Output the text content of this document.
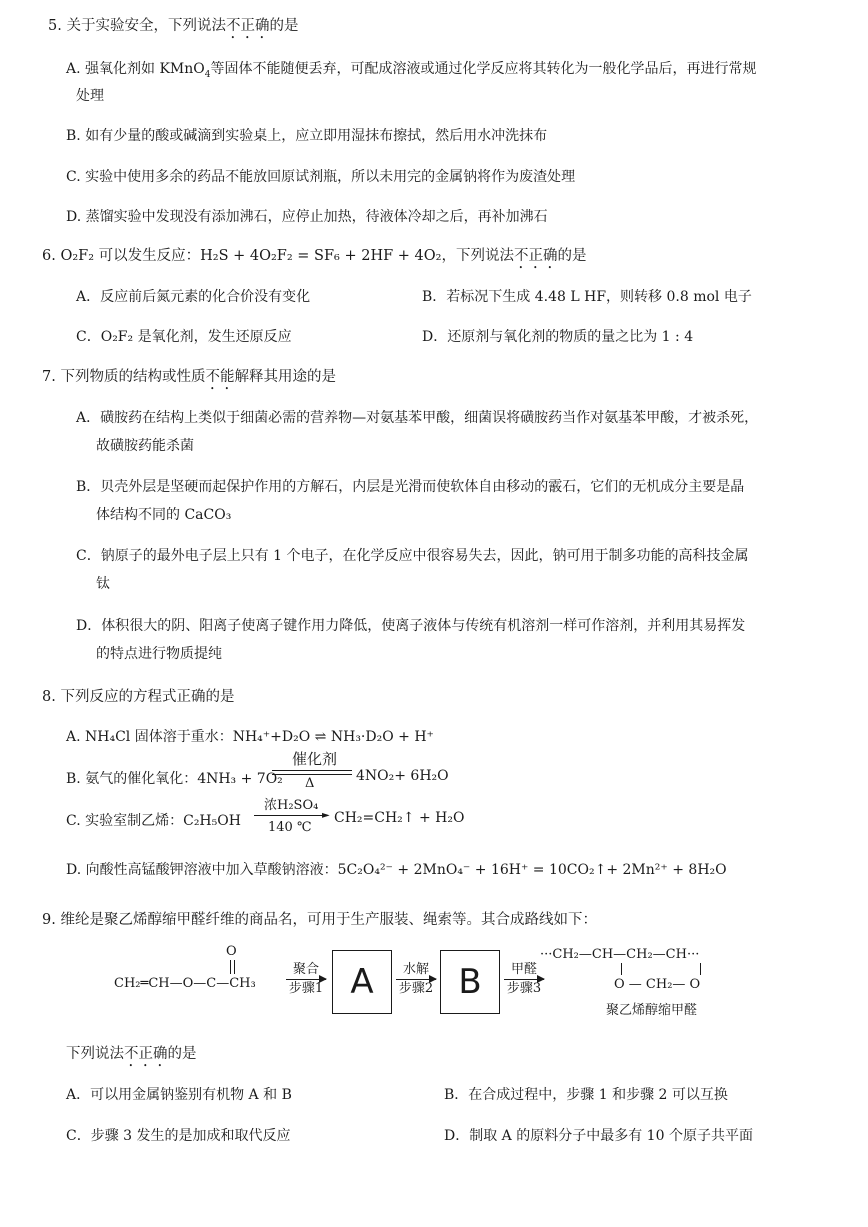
5. 关于实验安全，下列说法不正确的是
A. 强氧化剂如 KMnO$_4$等固体不能随便丢弃，可配成溶液或通过化学反应将其转化为一般化学品后，再进行常规
处理
B. 如有少量的酸或碱滴到实验桌上，应立即用湿抹布擦拭，然后用水冲洗抹布
C. 实验中使用多余的药品不能放回原试剂瓶，所以未用完的金属钠将作为废渣处理
D. 蒸馏实验中发现没有添加沸石，应停止加热，待液体冷却之后，再补加沸石
6. O₂F₂ 可以发生反应：H₂S + 4O₂F₂ = SF₆ + 2HF + 4O₂，下列说法不正确的是
A．反应前后氮元素的化合价没有变化	B．若标况下生成 4.48 L HF，则转移 0.8 mol 电子
C．O₂F₂ 是氧化剂，发生还原反应	D．还原剂与氧化剂的物质的量之比为 1 : 4
7. 下列物质的结构或性质不能解释其用途的是
A．磺胺药在结构上类似于细菌必需的营养物—对氨基苯甲酸，细菌误将磺胺药当作对氨基苯甲酸，才被杀死，
故磺胺药能杀菌
B．贝壳外层是坚硬而起保护作用的方解石，内层是光滑而使软体自由移动的霰石，它们的无机成分主要是晶
体结构不同的 CaCO₃
C．钠原子的最外电子层上只有 1 个电子，在化学反应中很容易失去，因此，钠可用于制多功能的高科技金属
钛
D．体积很大的阴、阳离子使离子键作用力降低，使离子液体与传统有机溶剂一样可作溶剂，并利用其易挥发
的特点进行物质提纯
8. 下列反应的方程式正确的是
A. NH₄Cl 固体溶于重水：NH₄⁺+D₂O ⇌ NH₃·D₂O + H⁺
B. 氨气的催化氧化：4NH₃ + 7O₂
催化剂
Δ	4NO₂+ 6H₂O
C. 实验室制乙烯：C₂H₅OH
浓H₂SO₄
►
140 ℃
CH₂=CH₂↑ + H₂O
D. 向酸性高锰酸钾溶液中加入草酸钠溶液：5C₂O₄²⁻ + 2MnO₄⁻ + 16H⁺ = 10CO₂↑+ 2Mn²⁺ + 8H₂O
9. 维纶是聚乙烯醇缩甲醛纤维的商品名，可用于生产服装、绳索等。其合成路线如下：
O
CH₂═CH—O—C—CH₃
聚合
步骤1 A	水解
步骤2 B	甲醛
步骤3
···CH₂—CH—CH₂—CH···
O — CH₂— O
聚乙烯醇缩甲醛
下列说法不正确的是
A．可以用金属钠鉴别有机物 A 和 B	B．在合成过程中，步骤 1 和步骤 2 可以互换
C．步骤 3 发生的是加成和取代反应	D．制取 A 的原料分子中最多有 10 个原子共平面
